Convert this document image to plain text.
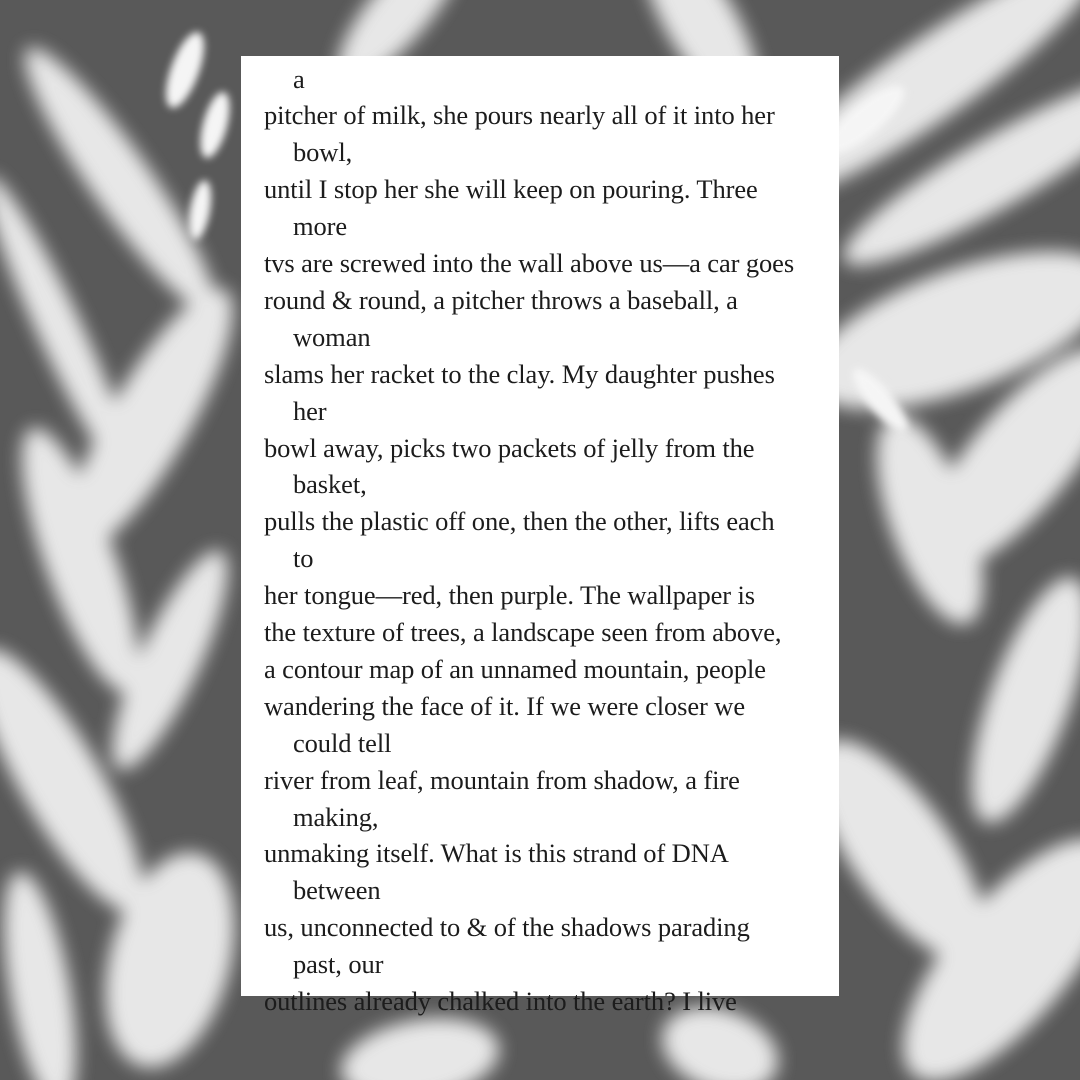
a
pitcher of milk, she pours nearly all of it into her
bowl,
until I stop her she will keep on pouring. Three
more
tvs are screwed into the wall above us—a car goes
round & round, a pitcher throws a baseball, a
woman
slams her racket to the clay. My daughter pushes
her
bowl away, picks two packets of jelly from the
basket,
pulls the plastic off one, then the other, lifts each
to
her tongue—red, then purple. The wallpaper is
the texture of trees, a landscape seen from above,
a contour map of an unnamed mountain, people
wandering the face of it. If we were closer we
could tell
river from leaf, mountain from shadow, a fire
making,
unmaking itself. What is this strand of DNA
between
us, unconnected to & of the shadows parading
past, our
outlines already chalked into the earth? I live
